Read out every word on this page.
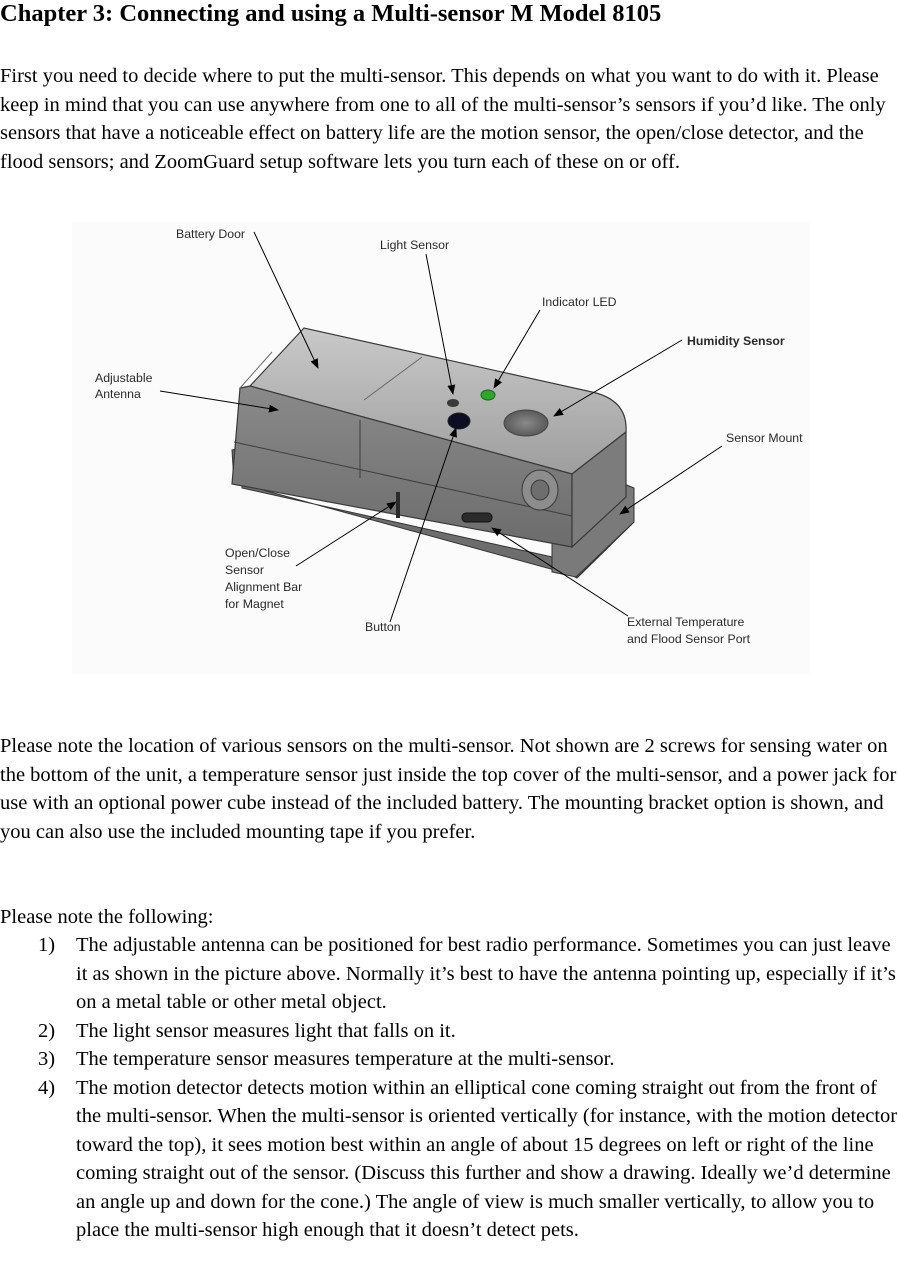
Chapter 3: Connecting and using a Multi-sensor M Model 8105

First you need to decide where to put the multi-sensor. This depends on what you want to do with it. Please keep in mind that you can use anywhere from one to all of the multi-sensor’s sensors if you’d like. The only sensors that have a noticeable effect on battery life are the motion sensor, the open/close detector, and the flood sensors; and ZoomGuard setup software lets you turn each of these on or off.

Battery Door
Light Sensor
Indicator LED
Humidity Sensor
Adjustable
Antenna
Sensor Mount
Open/Close
Sensor
Alignment Bar
for Magnet
Button	External Temperature
and Flood Sensor Port

Please note the location of various sensors on the multi-sensor. Not shown are 2 screws for sensing water on the bottom of the unit, a temperature sensor just inside the top cover of the multi-sensor, and a power jack for use with an optional power cube instead of the included battery. The mounting bracket option is shown, and you can also use the included mounting tape if you prefer.

Please note the following:

1) The adjustable antenna can be positioned for best radio performance. Sometimes you can just leave it as shown in the picture above. Normally it’s best to have the antenna pointing up, especially if it’s on a metal table or other metal object.
2) The light sensor measures light that falls on it.
3) The temperature sensor measures temperature at the multi-sensor.
4) The motion detector detects motion within an elliptical cone coming straight out from the front of the multi-sensor. When the multi-sensor is oriented vertically (for instance, with the motion detector toward the top), it sees motion best within an angle of about 15 degrees on left or right of the line coming straight out of the sensor. (Discuss this further and show a drawing. Ideally we’d determine an angle up and down for the cone.) The angle of view is much smaller vertically, to allow you to place the multi-sensor high enough that it doesn’t detect pets.
